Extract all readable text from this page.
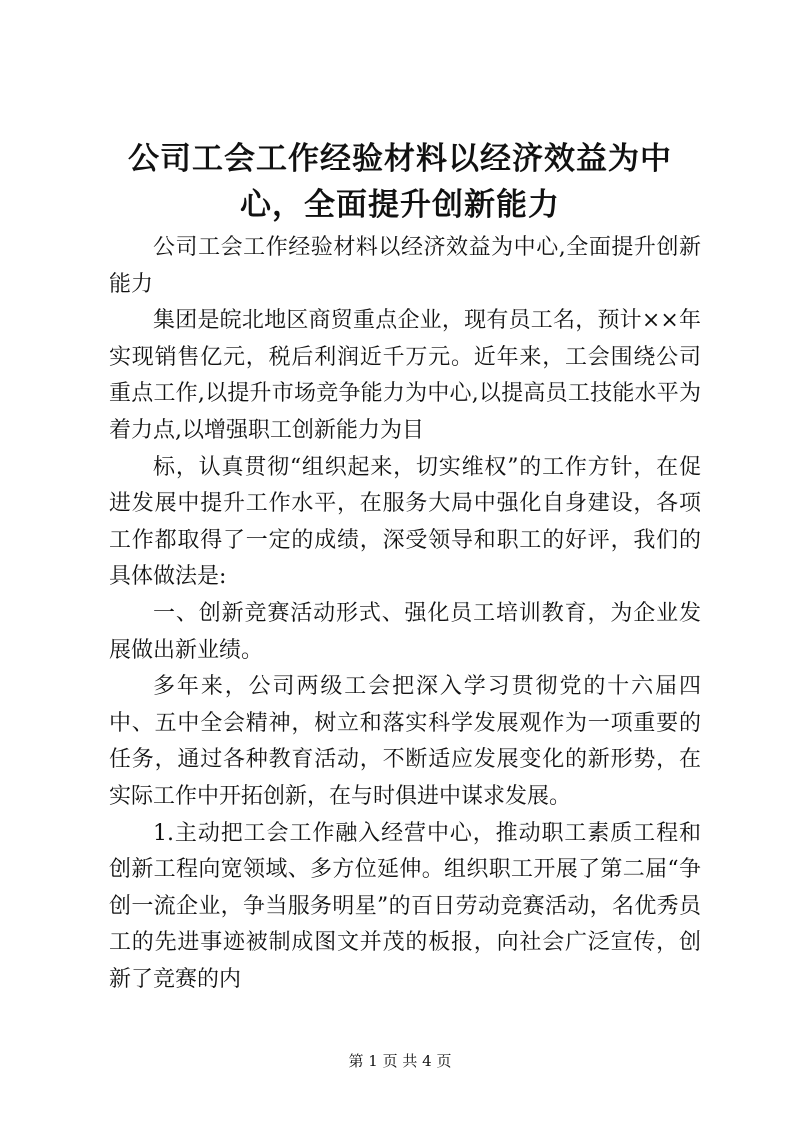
公司工会工作经验材料以经济效益为中心，全面提升创新能力

公司工会工作经验材料以经济效益为中心,全面提升创新能力

集团是皖北地区商贸重点企业，现有员工名，预计××年实现销售亿元，税后利润近千万元。近年来，工会围绕公司重点工作,以提升市场竞争能力为中心,以提高员工技能水平为着力点,以增强职工创新能力为目

标，认真贯彻“组织起来，切实维权”的工作方针，在促进发展中提升工作水平，在服务大局中强化自身建设，各项工作都取得了一定的成绩，深受领导和职工的好评，我们的具体做法是:

一、创新竞赛活动形式、强化员工培训教育，为企业发展做出新业绩。

多年来，公司两级工会把深入学习贯彻党的十六届四中、五中全会精神，树立和落实科学发展观作为一项重要的任务，通过各种教育活动，不断适应发展变化的新形势，在实际工作中开拓创新，在与时俱进中谋求发展。

1.主动把工会工作融入经营中心，推动职工素质工程和创新工程向宽领域、多方位延伸。组织职工开展了第二届“争创一流企业，争当服务明星”的百日劳动竞赛活动，名优秀员工的先进事迹被制成图文并茂的板报，向社会广泛宣传，创新了竞赛的内

第 1 页 共 4 页
